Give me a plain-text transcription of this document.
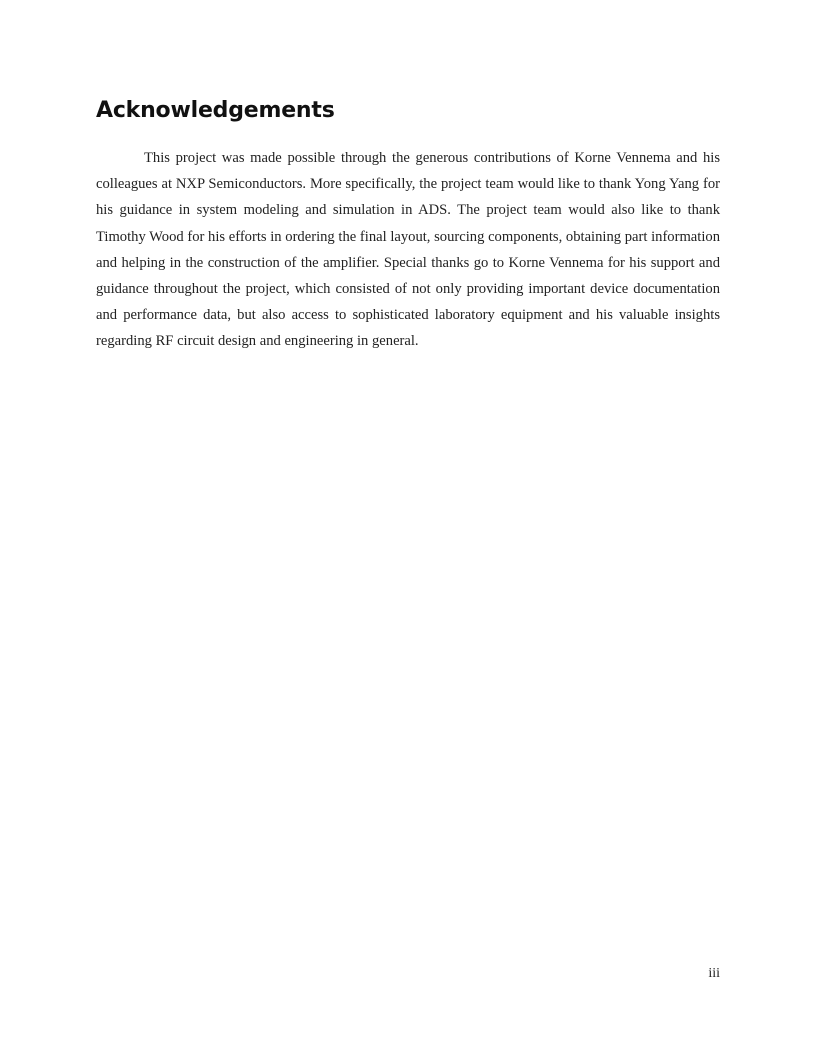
Acknowledgements

This project was made possible through the generous contributions of Korne Vennema and his colleagues at NXP Semiconductors. More specifically, the project team would like to thank Yong Yang for his guidance in system modeling and simulation in ADS. The project team would also like to thank Timothy Wood for his efforts in ordering the final layout, sourcing components, obtaining part information and helping in the construction of the amplifier. Special thanks go to Korne Vennema for his support and guidance throughout the project, which consisted of not only providing important device documentation and performance data, but also access to sophisticated laboratory equipment and his valuable insights regarding RF circuit design and engineering in general.

iii
